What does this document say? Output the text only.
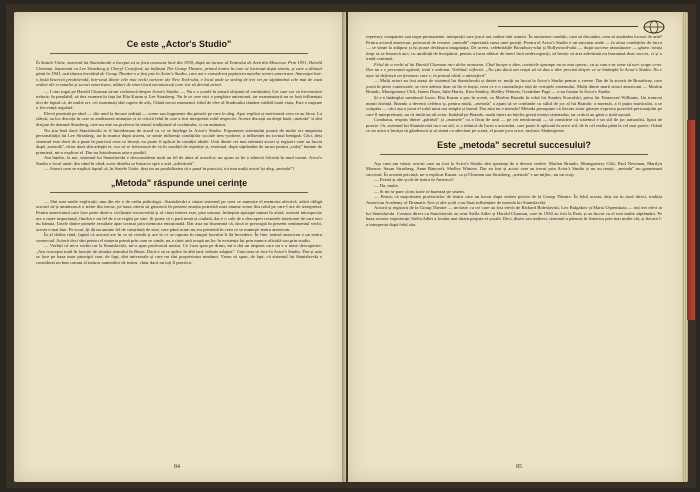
Ce este „Actor's Studio"
În Statele Unite, sistemul lui Stanislavski a început să se facă cunoscut încă din 1930, după un turneu al Teatrului de Artă din Moscova. Prin 1931, Harold Clurman, împreună cu Lee Strasberg și Cheryl Crawford, au înființat The Group Theatre, primul teatru în care se lucrează după sistem, și care a dăinuit până în 1941, activitatea încetând de Group Theatre-s a fost pus în Actor's Studio, care azi e considerat pepiniera marilor actori americani. Amenajat într-o fostă biserică presbiterală, într-unul dintre cele mai vechi cartiere ale New York-ului, e locul unde se strâng de trei ori pe săptămână cele mai de vază vedete ale ecranului și scenei americane, alături de tineri încă necunoscuți care vor să devină actori.

— L-am rugat pe Harold Clurman să-mi vorbească despre Actor's Studio: — Nu e o școală în sensul obișnuit al cuvântului. Cei care vor să frecventeze trebuie, în prealabil, să dea examen în fața lui Elia Kazan și Lee Strasberg. Nu le se cere nici o pregătire anterioară, iar examinatorii nu se lasă influențați nici de faptul că, de multe ori, cei examinați sînt capete de afiș. Odată trecut examenul, titlul de elev al Studioului rămâne valabil toată viața. Este o impune o frecvență regulată.

Elevii prezintă pe rând — cîte unul la fiecare ședință — scene sau fragmente din piesele pe care le aleg. Apoi explică și motivează ceea ce au făcut. La sfârșit, au loc discuții în care se analizează minuțios și se critică felul în care a fost interpretat rolul respectiv. Aceste discuții au drept bază „metoda" și sînt dirijate de domnul Strasberg, care nu este un profesor în sensul tradițional al cuvântului, ci un animator.

Nu știu însă dacă Stanislavski ar fi întotdeauna de acord cu ce se înțelege la Actor's Studio. Expunerea sistemului poartă de multe ori amprenta personalității lui Lee Strasberg, iar în munca după sistem, se simte influența condițiilor sociale new-yorkeze, a influenței nu tocmai benignă. Căci, deși sistemul este dorit de a pune în practică ceea ce învață, nu poate fi aplicat în condiții ideale. Unii dintre cei mai talentați actori și regizori care au lucrat după „metodă", chiar dacă sînt adepții ei, vor să se folosească de ea în condiții de repetiție și, eventual, după săptămâni de tururi pentru „rodaj" înainte de premieră, mi-a explicat el. Dar nu întotdeauna asta e posibil.

Am înțeles, la noi, sistemul lui Stanislavski e desconsiderat mult un fel de abuz al actorilor; nu ajuns să fie o tehnică folosită în mod curent. Actor's Studio e locul unde, din când în când, acest idealist se întoarce spre o artă „adevărată".

— Atunci cum se explică faptul că, în Statele Unite, deși nu au posibilitatea să o pună în practică, tot mai mulți actori își aleg „metoda"?

„Metoda" răspunde unei cerințe

— Sînt mai multe explicații: una din ele e de ordin psihologic. Stanislavski a căutat sistemul pe ceea ce numește el memoria afectivă, adică obligă actorul să-și amintească o trăire din trecut, pe baza căreia să găsească în prezent emoția potrivită unei anume scene din rolul pe care-l are de interpretat. Pentru americanul care face parte dintr-o civilizație extravertită și al cărui interes este, prin urmare, îndreptat aproape numai în afară, această introspecție are o mare importanță, fiindcă e un fel de a se regăsi pe sine. Și poate că o pară nouă și ciudată, dar e o cale de a descoperi resursele interioare de care nici nu bănuia. Unele dintre primele rezultate apar tocmai prin memoria emoțională. Dar asta nu înseamnă că, dacă te preocupă în prezent sentimentul vechi, acesta e mai bun. Pe scurt, îți dă un anume fel de conștiință de sine, care până acum nu era prezentă în ceea ce se numește teatru american.

În al doilea rând, faptul că actorul are în ce să creadă și are la ce se raporta în timpul lucrului îi dă încredere. În fine, teatrul american e un teatru comercial. Actorii deci sînt pentru el materia primă prin care se vinde, nu a cărei artă ocupă un loc în existența lui prin munca oficială sau prin studiu.

— Vorbiți că mi-a vorbit rar la Stanislavski, mi-a spus profesorul nostru. Ce i-am spus pe drum, mi-a dat un răspuns care nu e o mare descoperire: „Am conceput totul în funcție de situația teatrului în Rusia. Dacă e să se aplice în altă țară, trebuie adaptat". Cam asta se face la Actor's Studio. Dar și asta se face pe baza unor principii care, de fapt, sînt universale și care nu sînt proprietatea nimănui. Vreau să spun, de fapt, că sistemul lui Stanislavski e considerat un bun comun al tuturor oamenilor de teatru, chiar dacă nu toți îl practică.

84

repertory companies sau trupe permanente, interpreții care joacă azi, mâine sînt someri. În asemenea condiții, cum să discutăm, cum să analizăm lucruri de artă? Pentru actorul american, posesorul de resurse „metodă" reprezintă sursa unei poziții. Pentru el Actor's Studio e un sanctuar unde — în afara condițiilor de lucru — se simte la adăpost și își poate desfășura imaginația. De aceea, celebritățile Broadway-ului și Hollywood-ului — după succese răsunătoare — găsesc totuși timp să se întoarcă aici, cu umilință de începători, pentru a lucra alături de tineri încă nedescoperiți, să învețe că arta adevărată nu înseamnă doar succes, ci și o trudă continuă.

Felul de a vorbi al lui Harold Clurman nu-i deloc monoton. Cînd începe o idee, cuvintele aproape nu se mai opresc, ca și cum s-ar teme să nu-i scape ceva. Dar nu e o persoană agitată; totul e ordonat. Vorbind, reflectă: „Nu știu dacă am reușit să vă dau o idee precisă despre ce se întâmplă la Actor's Studio. Nu e ușor să definești un fenomen care e, în primul rând, o atmosferă".

— Mulți actori au fost atrași de sistemul lui Stanislavski și dintre ei, mulți au lucrat la Actor's Studio pentru o vreme. Dar de la actorii de Broadway, care joacă în piese comerciale, se cere adesea doar să fie ei înșiși, ceea ce e o contradicție față de cerințele sistemului. Mulți dintre marii actori americani — Marlon Brando, Montgomery Clift, James Dean, Julie Harris, Kim Stanley, Shelley Winters, Geraldine Page — s-au format la Actor's Studio.

Și s-a întâmplat următorul lucru: Elia Kazan a pus în scenă, cu Marlon Brando în rolul lui Stanley Kowalski, piesa lui Tennessee Williams, Un tramvai numit dorință. Brando a devenit celebru și, pentru mulți, „metoda" a ajuns să se confunde cu stilul de joc al lui Brando: a mormăi, a fi puțin inarticulat, a se scărpina — căci așa a jucat el rolul unui om simplu și brutal. Dar asta nu e metoda! Metoda presupune că fiecare actor găsește expresia potrivită personajului pe care îl interpretează, nu că imită un alt actor. Imitând pe Brando, mulți tineri au înțeles greșit esența sistemului, iar criticii au găsit o țintă ușoară.

Combatut, respins dintre „părinții" și „mamele" cu a făcut de unii — pe cei neinformați — să considere că sistemul e un stil de joc naturalist, lipsit de poezie. Or, sistemul lui Stanislavski nu e un stil, ci o tehnică de lucru a actorului, care poate fi aplicată în orice stil, de la cel realist până la cel mai poetic. Odată ce un actor a învățat să gândească și să simtă cu adevărat pe scenă, el poate juca orice, inclusiv Shakespeare.

Este „metoda" secretul succesului?

Așa cum am văzut, actorii care au fost la Actor's Studio sînt speranța de a deveni vedete: Marlon Brando, Montgomery Clift, Paul Newman, Marilyn Monroe, Susan Strasberg, Anne Bancroft, Shelley Winters. Dar au fost și actori care au trecut prin Actor's Studio și nu au reușit: „metoda" nu garantează succesul. În această privință, ne-a explicat Kazan, ca și Clurman sau Strasberg, „metoda" e un mijloc, nu un scop.

— Există și alte școli de teatru în America?

— Da, multe.

— Și mi se pare că nu toate se bazează pe sistem.

— Pentru că majoritatea profesorilor de teatru care au lucrat după sistem provin de la Group Theatre. În felul acesta, deși nu în mod direct, tradiția American Academy of Dramatic Arts și alte școli s-au lăsat influențate de metoda lui Stanislavski.

Actorii și regizorii de la Group Theatre — inclusiv cu cei care au fost elevii de Richard Boleslavski, Leo Bulgakov și Maria Uspenskaia — toți trei elevi ai lui Stanislavski. Contact direct cu Stanislavski au avut Stella Adler și Harold Clurman, care în 1934 au fost la Paris și au lucrat cu el mai multe săptămâni. Pe baza acestor experiențe, Stella Adler a fondat mai târziu propria ei școală. Deci, direct sau indirect, sistemul a pătruns în America prin mai multe căi, și fiecare l-a interpretat după felul său.

85
